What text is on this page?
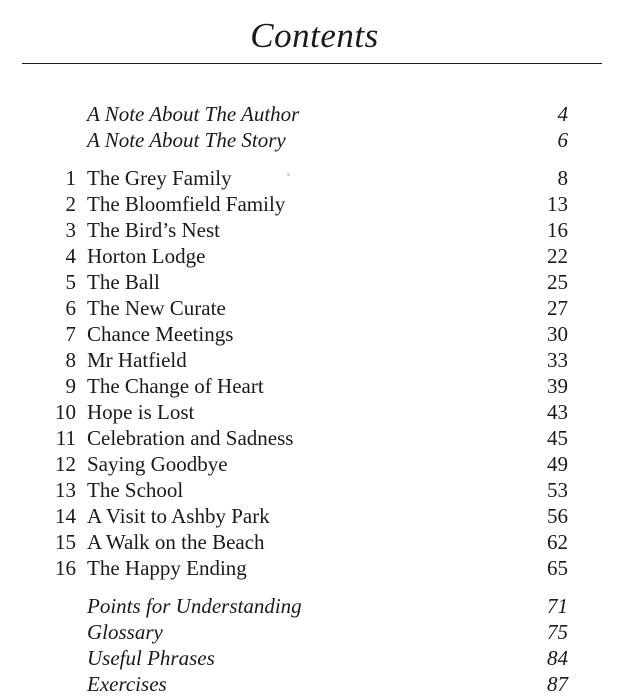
Contents
A Note About The Author	4
A Note About The Story	6
1 The Grey Family	8
2 The Bloomfield Family	13
3 The Bird’s Nest	16
4 Horton Lodge	22
5 The Ball	25
6 The New Curate	27
7 Chance Meetings	30
8 Mr Hatfield	33
9 The Change of Heart	39
10 Hope is Lost	43
11 Celebration and Sadness	45
12 Saying Goodbye	49
13 The School	53
14 A Visit to Ashby Park	56
15 A Walk on the Beach	62
16 The Happy Ending	65
Points for Understanding	71
Glossary	75
Useful Phrases	84
Exercises	87
